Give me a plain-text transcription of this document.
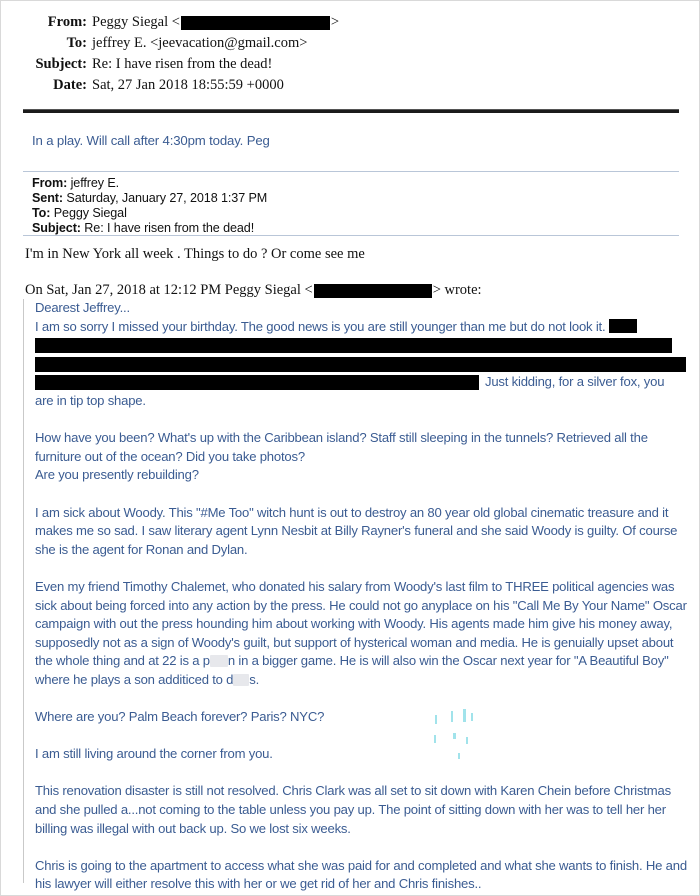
From: Peggy Siegal <	>
To: jeffrey E. <jeevacation@gmail.com>
Subject: Re: I have risen from the dead!
Date: Sat, 27 Jan 2018 18:55:59 +0000
In a play. Will call after 4:30pm today. Peg
From: jeffrey E.
Sent: Saturday, January 27, 2018 1:37 PM
To: Peggy Siegal
Subject: Re: I have risen from the dead!
I'm in New York all week . Things to do ? Or come see me
On Sat, Jan 27, 2018 at 12:12 PM Peggy Siegal <	> wrote:

Dearest Jeffrey...

I am so sorry I missed your birthday. The good news is you are still younger than me but do not look it.

Just kidding, for a silver fox, you

are in tip top shape.

How have you been? What's up with the Caribbean island? Staff still sleeping in the tunnels? Retrieved all the furniture out of the ocean? Did you take photos?

Are you presently rebuilding?

I am sick about Woody. This "#Me Too" witch hunt is out to destroy an 80 year old global cinematic treasure and it makes me so sad. I saw literary agent Lynn Nesbit at Billy Rayner's funeral and she said Woody is guilty. Of course she is the agent for Ronan and Dylan.

Even my friend Timothy Chalemet, who donated his salary from Woody's last film to THREE political agencies was sick about being forced into any action by the press. He could not go anyplace on his "Call Me By Your Name" Oscar campaign with out the press hounding him about working with Woody. His agents made him give his money away, supposedly not as a sign of Woody's guilt, but support of hysterical woman and media. He is genuially upset about the whole thing and at 22 is a p n in a bigger game. He is will also win the Oscar next year for "A Beautiful Boy" where he plays a son additiced to d s.

Where are you? Palm Beach forever? Paris? NYC?

I am still living around the corner from you.

This renovation disaster is still not resolved. Chris Clark was all set to sit down with Karen Chein before Christmas and she pulled a...not coming to the table unless you pay up. The point of sitting down with her was to tell her her billing was illegal with out back up. So we lost six weeks.

Chris is going to the apartment to access what she was paid for and completed and what she wants to finish. He and his lawyer will either resolve this with her or we get rid of her and Chris finishes..
